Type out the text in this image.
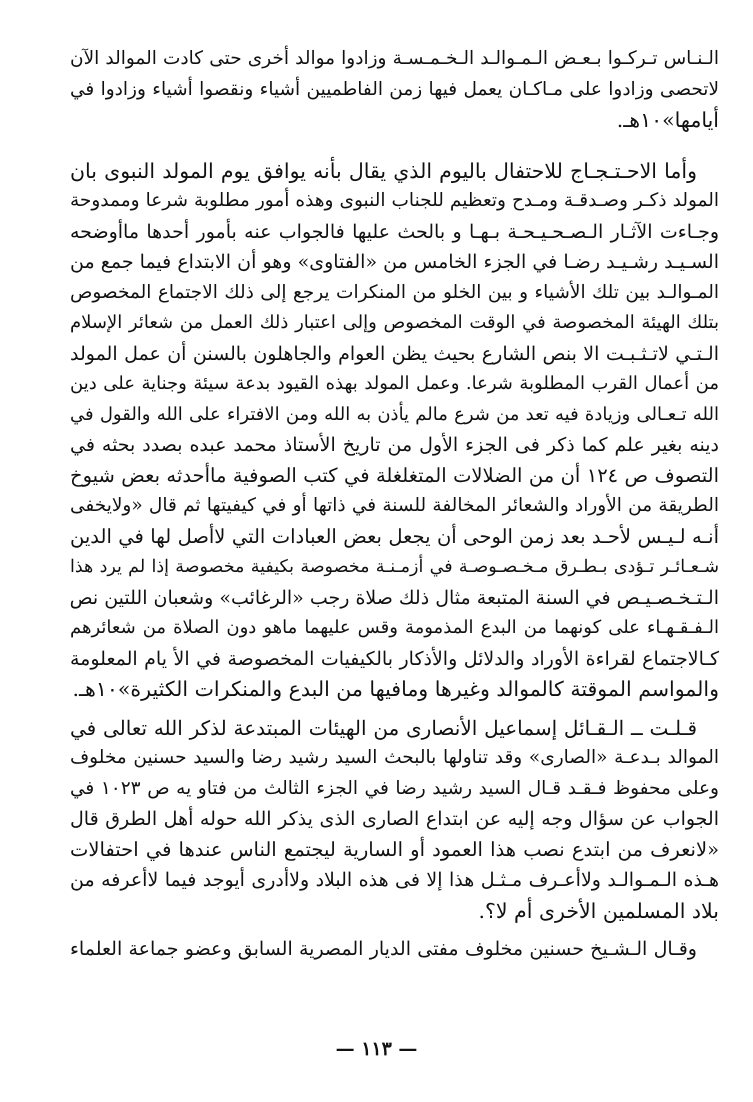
الـنـاس تـركـوا بـعـض الـمـوالـد الـخـمـسـة وزادوا موالد أخرى حتى كادت الموالد الآن
لاتحصى وزادوا على مـاكـان يعمل فيها زمن الفاطميين أشياء ونقصوا أشياء وزادوا في
أيامها»١٠هـ.

وأما الاحـتـجـاج للاحتفال باليوم الذي يقال بأنه يوافق يوم المولد النبوى بان
المولد ذكـر وصـدقـة ومـدح وتعظيم للجناب النبوى وهذه أمور مطلوبة شرعا وممدوحة
وجـاءت الآثـار الـصـحـيـحـة بـهـا و بالحث عليها فالجواب عنه بأمور أحدها ماأوضحه
السـيـد رشـيـد رضـا في الجزء الخامس من «الفتاوى» وهو أن الابتداع فيما جمع من
المـوالـد بين تلك الأشياء و بين الخلو من المنكرات يرجع إلى ذلك الاجتماع المخصوص
بتلك الهيئة المخصوصة في الوقت المخصوص وإلى اعتبار ذلك العمل من شعائر الإسلام
الـتـي لاتـثـبـت الا بنص الشارع بحيث يظن العوام والجاهلون بالسنن أن عمل المولد
من أعمال القرب المطلوبة شرعا. وعمل المولد بهذه القيود بدعة سيئة وجناية على دين
الله تـعـالى وزيادة فيه تعد من شرع مالم يأذن به الله ومن الافتراء على الله والقول في
دينه بغير علم كما ذكر فى الجزء الأول من تاريخ الأستاذ محمد عبده بصدد بحثه في
التصوف ص ١٢٤ أن من الضلالات المتغلغلة في كتب الصوفية ماأحدثه بعض شيوخ
الطريقة من الأوراد والشعائر المخالفة للسنة في ذاتها أو في كيفيتها ثم قال «ولايخفى
أنـه لـيـس لأحـد بعد زمن الوحى أن يجعل بعض العبادات التي لاأصل لها في الدين
شـعـائـر تـؤدى بـطـرق مـخـصـوصـة في أزمـنـة مخصوصة بكيفية مخصوصة إذا لم يرد هذا
الـتـخـصـيـص في السنة المتبعة مثال ذلك صلاة رجب «الرغائب» وشعبان اللتين نص
الـفـقـهـاء على كونهما من البدع المذمومة وقس عليهما ماهو دون الصلاة من شعائرهم
كـالاجتماع لقراءة الأوراد والدلائل والأذكار بالكيفيات المخصوصة في الأ يام المعلومة
والمواسم الموقتة كالموالد وغيرها ومافيها من البدع والمنكرات الكثيرة»١٠هـ.

قـلـت ــ الـقـائل إسماعيل الأنصارى من الهيئات المبتدعة لذكر الله تعالى في
الموالد بـدعـة «الصارى» وقد تناولها بالبحث السيد رشيد رضا والسيد حسنين مخلوف
وعلى محفوظ فـقـد قـال السيد رشيد رضا في الجزء الثالث من فتاو يه ص ١٠٢٣ في
الجواب عن سؤال وجه إليه عن ابتداع الصارى الذى يذكر الله حوله أهل الطرق قال
«لانعرف من ابتدع نصب هذا العمود أو السارية ليجتمع الناس عندها في احتفالات
هـذه الـمـوالـد ولاأعـرف مـثـل هذا إلا فى هذه البلاد ولاأدرى أيوجد فيما لاأعرفه من
بلاد المسلمين الأخرى أم لا؟.

وقـال الـشـيخ حسنين مخلوف مفتى الديار المصرية السابق وعضو جماعة العلماء

— ١١٣ —
